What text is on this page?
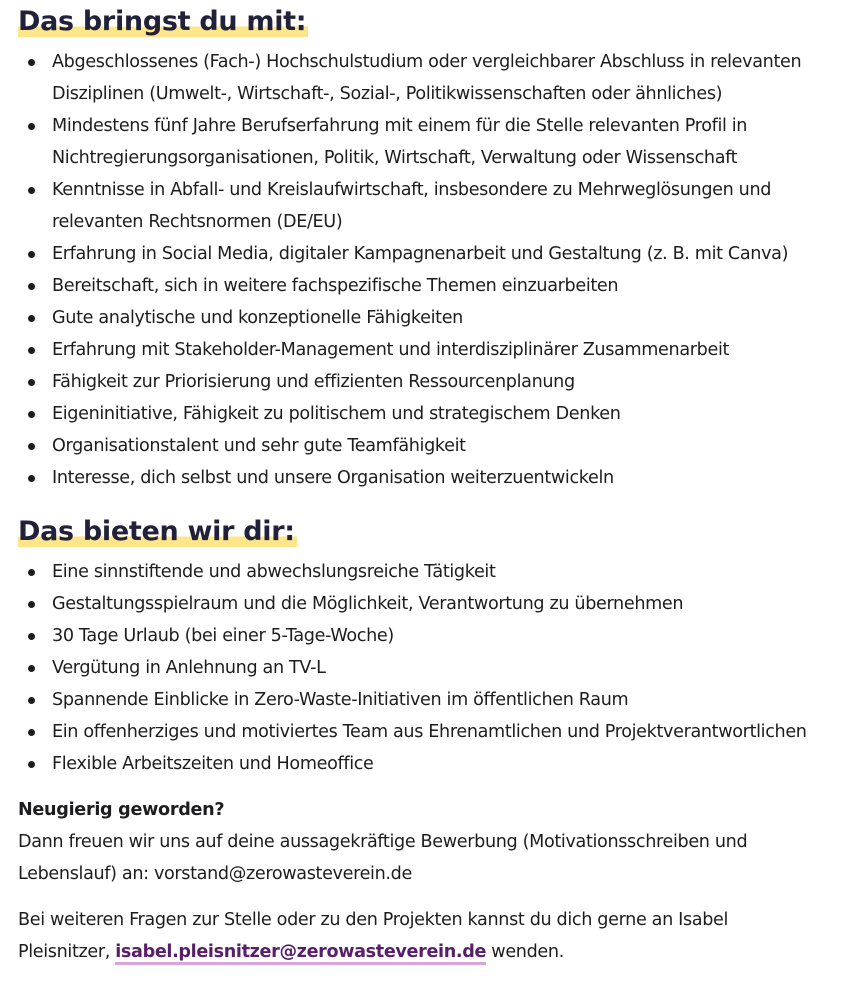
Das bringst du mit:
Abgeschlossenes (Fach-) Hochschulstudium oder vergleichbarer Abschluss in relevanten
Disziplinen (Umwelt-, Wirtschaft-, Sozial-, Politikwissenschaften oder ähnliches)
Mindestens fünf Jahre Berufserfahrung mit einem für die Stelle relevanten Profil in
Nichtregierungsorganisationen, Politik, Wirtschaft, Verwaltung oder Wissenschaft
Kenntnisse in Abfall- und Kreislaufwirtschaft, insbesondere zu Mehrweglösungen und
relevanten Rechtsnormen (DE/EU)
Erfahrung in Social Media, digitaler Kampagnenarbeit und Gestaltung (z. B. mit Canva)
Bereitschaft, sich in weitere fachspezifische Themen einzuarbeiten
Gute analytische und konzeptionelle Fähigkeiten
Erfahrung mit Stakeholder-Management und interdisziplinärer Zusammenarbeit
Fähigkeit zur Priorisierung und effizienten Ressourcenplanung
Eigeninitiative, Fähigkeit zu politischem und strategischem Denken
Organisationstalent und sehr gute Teamfähigkeit
Interesse, dich selbst und unsere Organisation weiterzuentwickeln
Das bieten wir dir:
Eine sinnstiftende und abwechslungsreiche Tätigkeit
Gestaltungsspielraum und die Möglichkeit, Verantwortung zu übernehmen
30 Tage Urlaub (bei einer 5-Tage-Woche)
Vergütung in Anlehnung an TV-L
Spannende Einblicke in Zero-Waste-Initiativen im öffentlichen Raum
Ein offenherziges und motiviertes Team aus Ehrenamtlichen und Projektverantwortlichen
Flexible Arbeitszeiten und Homeoffice
Neugierig geworden?

Dann freuen wir uns auf deine aussagekräftige Bewerbung (Motivationsschreiben und
Lebenslauf) an: vorstand@zerowasteverein.de

Bei weiteren Fragen zur Stelle oder zu den Projekten kannst du dich gerne an Isabel
Pleisnitzer, isabel.pleisnitzer@zerowasteverein.de wenden.
